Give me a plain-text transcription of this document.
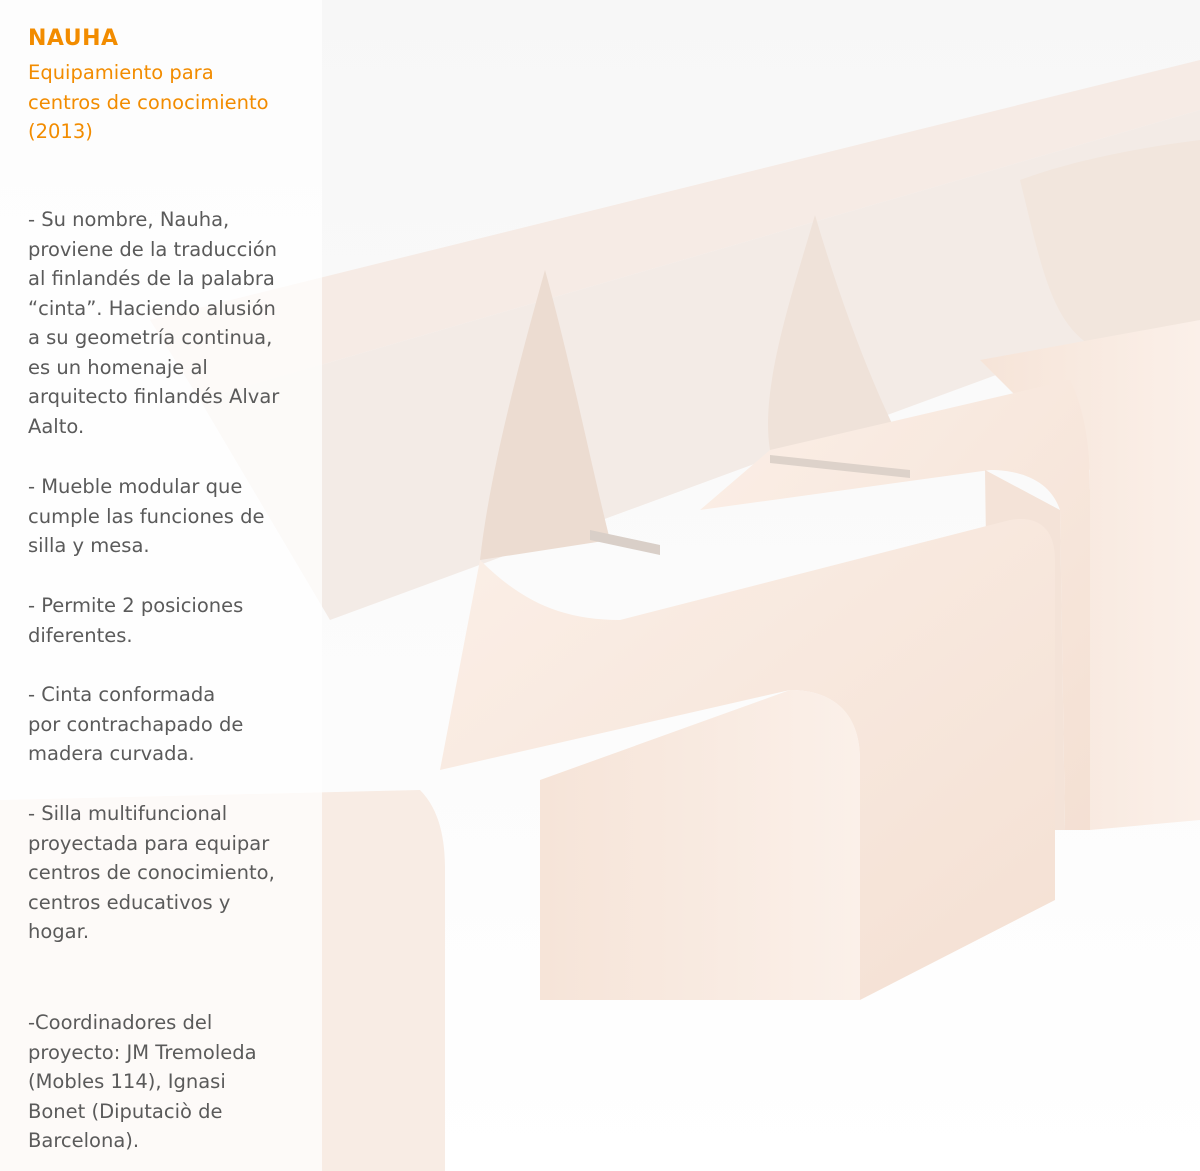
NAUHA
Equipamiento para
centros de conocimiento
(2013)

- Su nombre, Nauha,
proviene de la traducción
al finlandés de la palabra
“cinta”. Haciendo alusión
a su geometría continua,
es un homenaje al
arquitecto finlandés Alvar
Aalto.

- Mueble modular que
cumple las funciones de
silla y mesa.

- Permite 2 posiciones
diferentes.

- Cinta conformada
por contrachapado de
madera curvada.

- Silla multifuncional
proyectada para equipar
centros de conocimiento,
centros educativos y
hogar.

-Coordinadores del
proyecto: JM Tremoleda
(Mobles 114), Ignasi
Bonet (Diputaciò de
Barcelona).
